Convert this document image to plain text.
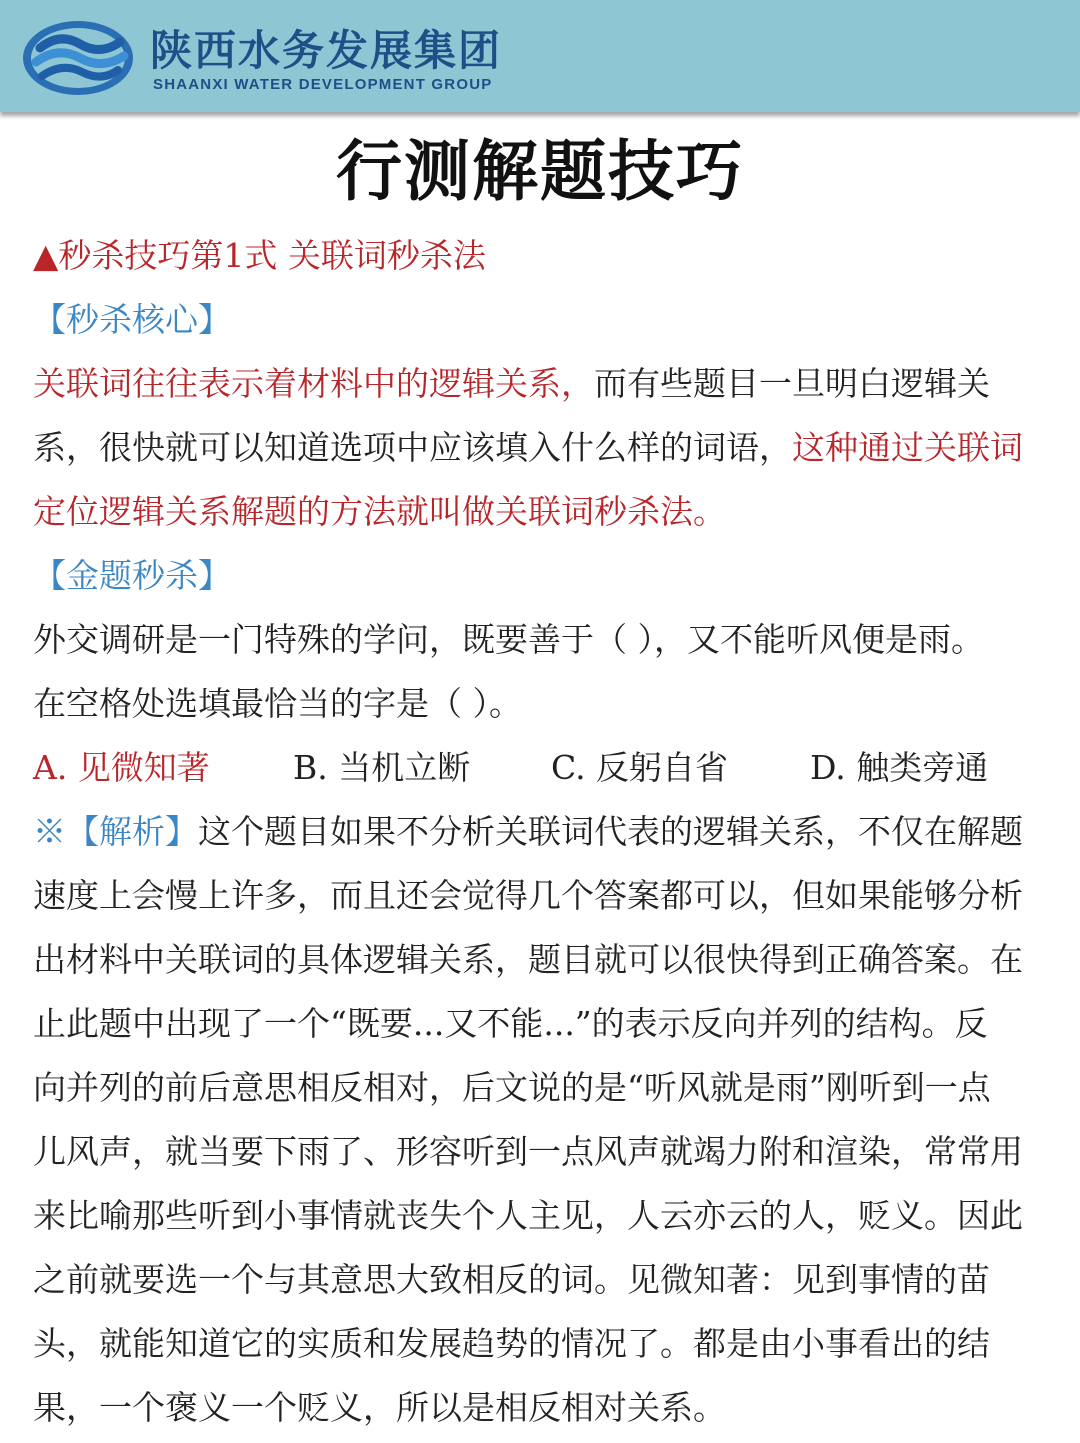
陕西水务发展集团
SHAANXI WATER DEVELOPMENT GROUP
行测解题技巧
▲秒杀技巧第1式 关联词秒杀法
【秒杀核心】
关联词往往表示着材料中的逻辑关系，而有些题目一旦明白逻辑关
系，很快就可以知道选项中应该填入什么样的词语，这种通过关联词
定位逻辑关系解题的方法就叫做关联词秒杀法。
【金题秒杀】
外交调研是一门特殊的学问，既要善于（ ），又不能听风便是雨。
在空格处选填最恰当的字是（ ）。
A. 见微知著	B. 当机立断 C. 反躬自省 D. 触类旁通
※【解析】这个题目如果不分析关联词代表的逻辑关系，不仅在解题
速度上会慢上许多，而且还会觉得几个答案都可以，但如果能够分析
出材料中关联词的具体逻辑关系，题目就可以很快得到正确答案。在
止此题中出现了一个“既要...又不能...”的表示反向并列的结构。反
向并列的前后意思相反相对，后文说的是“听风就是雨”刚听到一点
儿风声，就当要下雨了、形容听到一点风声就竭力附和渲染，常常用
来比喻那些听到小事情就丧失个人主见，人云亦云的人，贬义。因此
之前就要选一个与其意思大致相反的词。见微知著：见到事情的苗
头，就能知道它的实质和发展趋势的情况了。都是由小事看出的结
果，一个褒义一个贬义，所以是相反相对关系。
